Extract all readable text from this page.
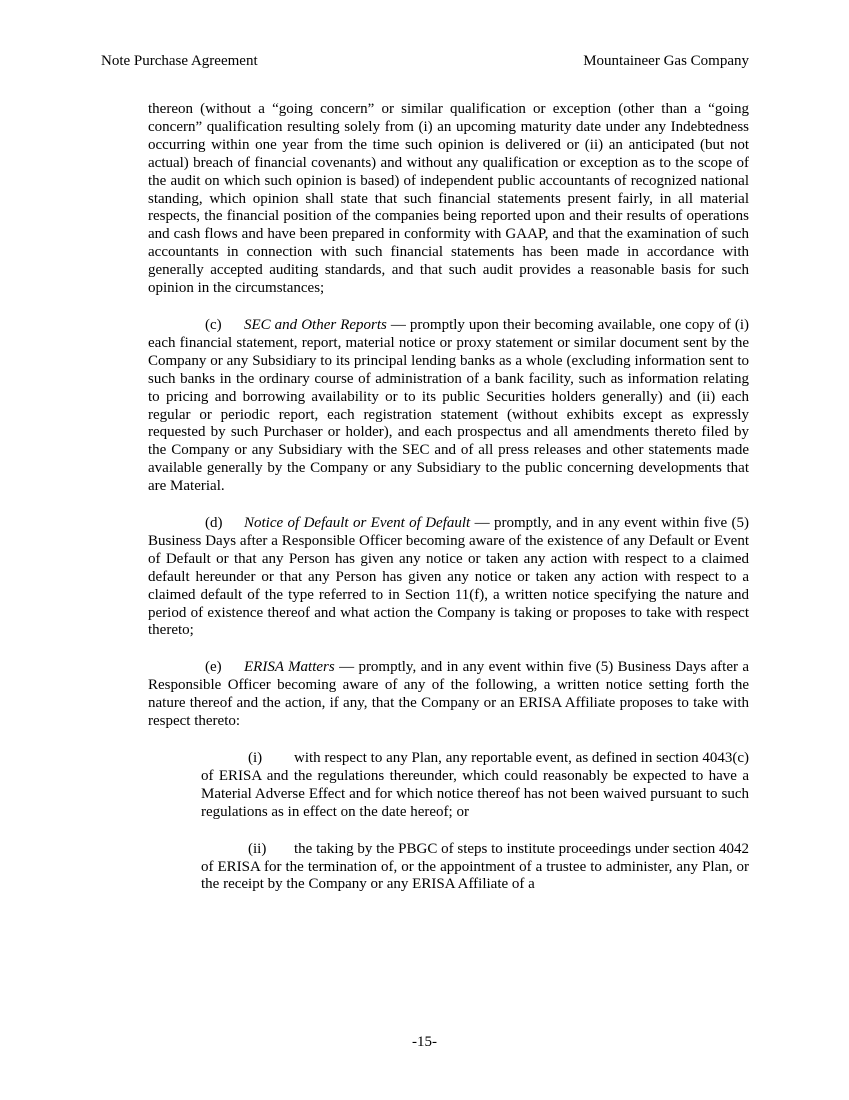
Note Purchase Agreement	Mountaineer Gas Company

thereon (without a “going concern” or similar qualification or exception (other than a “going concern” qualification resulting solely from (i) an upcoming maturity date under any Indebtedness occurring within one year from the time such opinion is delivered or (ii) an anticipated (but not actual) breach of financial covenants) and without any qualification or exception as to the scope of the audit on which such opinion is based) of independent public accountants of recognized national standing, which opinion shall state that such financial statements present fairly, in all material respects, the financial position of the companies being reported upon and their results of operations and cash flows and have been prepared in conformity with GAAP, and that the examination of such accountants in connection with such financial statements has been made in accordance with generally accepted auditing standards, and that such audit provides a reasonable basis for such opinion in the circumstances;

(c) SEC and Other Reports — promptly upon their becoming available, one copy of (i) each financial statement, report, material notice or proxy statement or similar document sent by the Company or any Subsidiary to its principal lending banks as a whole (excluding information sent to such banks in the ordinary course of administration of a bank facility, such as information relating to pricing and borrowing availability or to its public Securities holders generally) and (ii) each regular or periodic report, each registration statement (without exhibits except as expressly requested by such Purchaser or holder), and each prospectus and all amendments thereto filed by the Company or any Subsidiary with the SEC and of all press releases and other statements made available generally by the Company or any Subsidiary to the public concerning developments that are Material.

(d) Notice of Default or Event of Default — promptly, and in any event within five (5) Business Days after a Responsible Officer becoming aware of the existence of any Default or Event of Default or that any Person has given any notice or taken any action with respect to a claimed default hereunder or that any Person has given any notice or taken any action with respect to a claimed default of the type referred to in Section 11(f), a written notice specifying the nature and period of existence thereof and what action the Company is taking or proposes to take with respect thereto;

(e) ERISA Matters — promptly, and in any event within five (5) Business Days after a Responsible Officer becoming aware of any of the following, a written notice setting forth the nature thereof and the action, if any, that the Company or an ERISA Affiliate proposes to take with respect thereto:

(i) with respect to any Plan, any reportable event, as defined in section 4043(c) of ERISA and the regulations thereunder, which could reasonably be expected to have a Material Adverse Effect and for which notice thereof has not been waived pursuant to such regulations as in effect on the date hereof; or

(ii) the taking by the PBGC of steps to institute proceedings under section 4042 of ERISA for the termination of, or the appointment of a trustee to administer, any Plan, or the receipt by the Company or any ERISA Affiliate of a

-15-
